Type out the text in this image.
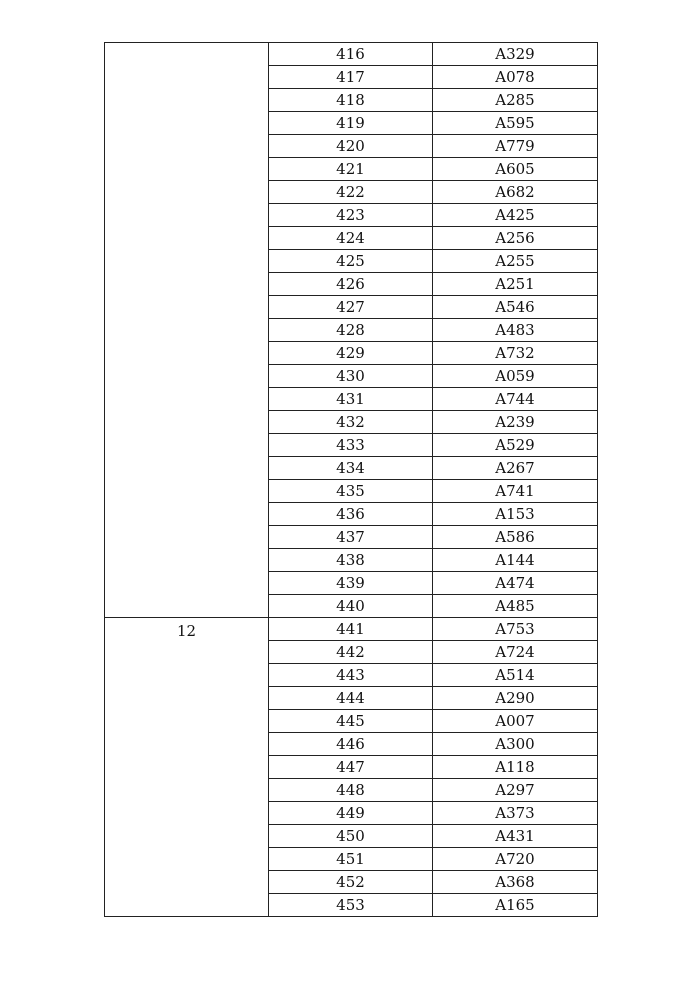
	416	A329
	417	A078
	418	A285
	419	A595
	420	A779
	421	A605
	422	A682
	423	A425
	424	A256
	425	A255
	426	A251
	427	A546
	428	A483
	429	A732
	430	A059
	431	A744
	432	A239
	433	A529
	434	A267
	435	A741
	436	A153
	437	A586
	438	A144
	439	A474
	440	A485
12	441	A753
	442	A724
	443	A514
	444	A290
	445	A007
	446	A300
	447	A118
	448	A297
	449	A373
	450	A431
	451	A720
	452	A368
	453	A165
